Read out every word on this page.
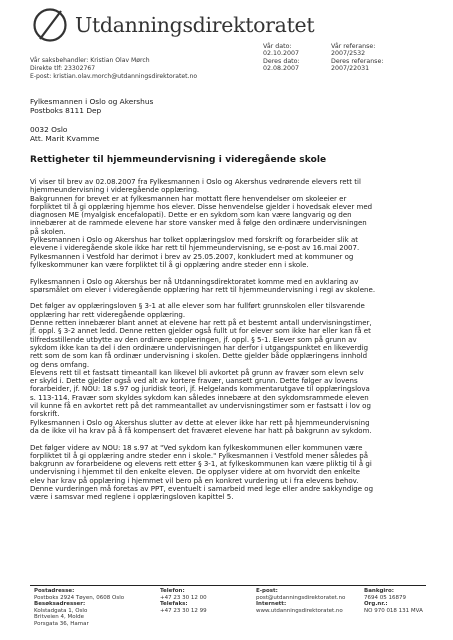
Utdanningsdirektoratet
Vår saksbehandler: Kristian Olav Mørch
Direkte tlf: 23302767
E-post: kristian.olav.morch@utdanningsdirektoratet.no
Vår dato:	Vår referanse:
02.10.2007	2007/2532
Deres dato:	Deres referanse:
02.08.2007	2007/22031
Fylkesmannen i Oslo og Akershus
Postboks 8111 Dep
0032 Oslo
Att. Marit Kvamme
Rettigheter til hjemmeundervisning i videregående skole
Vi viser til brev av 02.08.2007 fra Fylkesmannen i Oslo og Akershus vedrørende elevers rett til
hjemmeundervisning i videregående opplæring.
Bakgrunnen for brevet er at fylkesmannen har mottatt flere henvendelser om skoleeier er
forpliktet til å gi opplæring hjemme hos elever. Disse henvendelse gjelder i hovedsak elever med
diagnosen ME (myalgisk encefalopati). Dette er en sykdom som kan være langvarig og den
innebærer at de rammede elevene har store vansker med å følge den ordinære undervisningen
på skolen.
Fylkesmannen i Oslo og Akershus har tolket opplæringslov med forskrift og forarbeider slik at
elevene i videregående skole ikke har rett til hjemmeundervisning, se e-post av 16.mai 2007.
Fylkesmannen i Vestfold har derimot i brev av 25.05.2007, konkludert med at kommuner og
fylkeskommuner kan være forpliktet til å gi opplæring andre steder enn i skole.
Fylkesmannen i Oslo og Akershus ber nå Utdanningsdirektoratet komme med en avklaring av
spørsmålet om elever i videregående opplæring har rett til hjemmeundervisning i regi av skolene.
Det følger av opplæringsloven § 3-1 at alle elever som har fullført grunnskolen eller tilsvarende
opplæring har rett videregående opplæring.
Denne retten innebærer blant annet at elevene har rett på et bestemt antall undervisningstimer,
jf. oppl. § 3-2 annet ledd. Denne retten gjelder også fullt ut for elever som ikke har eller kan få et
tilfredsstillende utbytte av den ordinære opplæringen, jf. oppl. § 5-1. Elever som på grunn av
sykdom ikke kan ta del i den ordinære undervisningen har derfor i utgangspunktet en likeverdig
rett som de som kan få ordinær undervisning i skolen. Dette gjelder både opplæringens innhold
og dens omfang.
Elevens rett til et fastsatt timeantall kan likevel bli avkortet på grunn av fravær som elevn selv
er skyld i. Dette gjelder også ved alt av kortere fravær, uansett grunn. Dette følger av lovens
forarbeider, jf. NOU: 18 s.97 og juridisk teori, jf. Helgelands kommentarutgave til opplæringslova
s. 113-114. Fravær som skyldes sykdom kan således innebære at den sykdomsrammede eleven
vil kunne få en avkortet rett på det rammeantallet av undervisningstimer som er fastsatt i lov og
forskrift.
Fylkesmannen i Oslo og Akershus slutter av dette at elever ikke har rett på hjemmeundervisning
da de ikke vil ha krav på å få kompensert det fraværet elevene har hatt på bakgrunn av sykdom.
Det følger videre av NOU: 18 s.97 at "Ved sykdom kan fylkeskommunen eller kommunen være
forpliktet til å gi opplæring andre steder enn i skole." Fylkesmannen i Vestfold mener således på
bakgrunn av forarbeidene og elevens rett etter § 3-1, at fylkeskommunen kan være pliktig til å gi
undervisning i hjemmet til den enkelte eleven. De opplyser videre at om hvorvidt den enkelte
elev har krav på opplæring i hjemmet vil bero på en konkret vurdering ut i fra elevens behov.
Denne vurderingen må foretas av PPT, eventuelt i samarbeid med lege eller andre sakkyndige og
være i samsvar med reglene i opplæringsloven kapittel 5.
Postadresse:
Postboks 2924 Tøyen, 0608 Oslo
Besøksadresser:
Kolstadgata 1, Oslo
Britveien 4, Molde
Porsgata 36, Hamar
Telefon:
+47 23 30 12 00
Telefaks:
+47 23 30 12 99
E-post:
post@utdanningsdirektoratet.no
Internett:
www.utdanningsdirektoratet.no
Bankgiro:
7694 05 16879
Org.nr.:
NO 970 018 131 MVA
